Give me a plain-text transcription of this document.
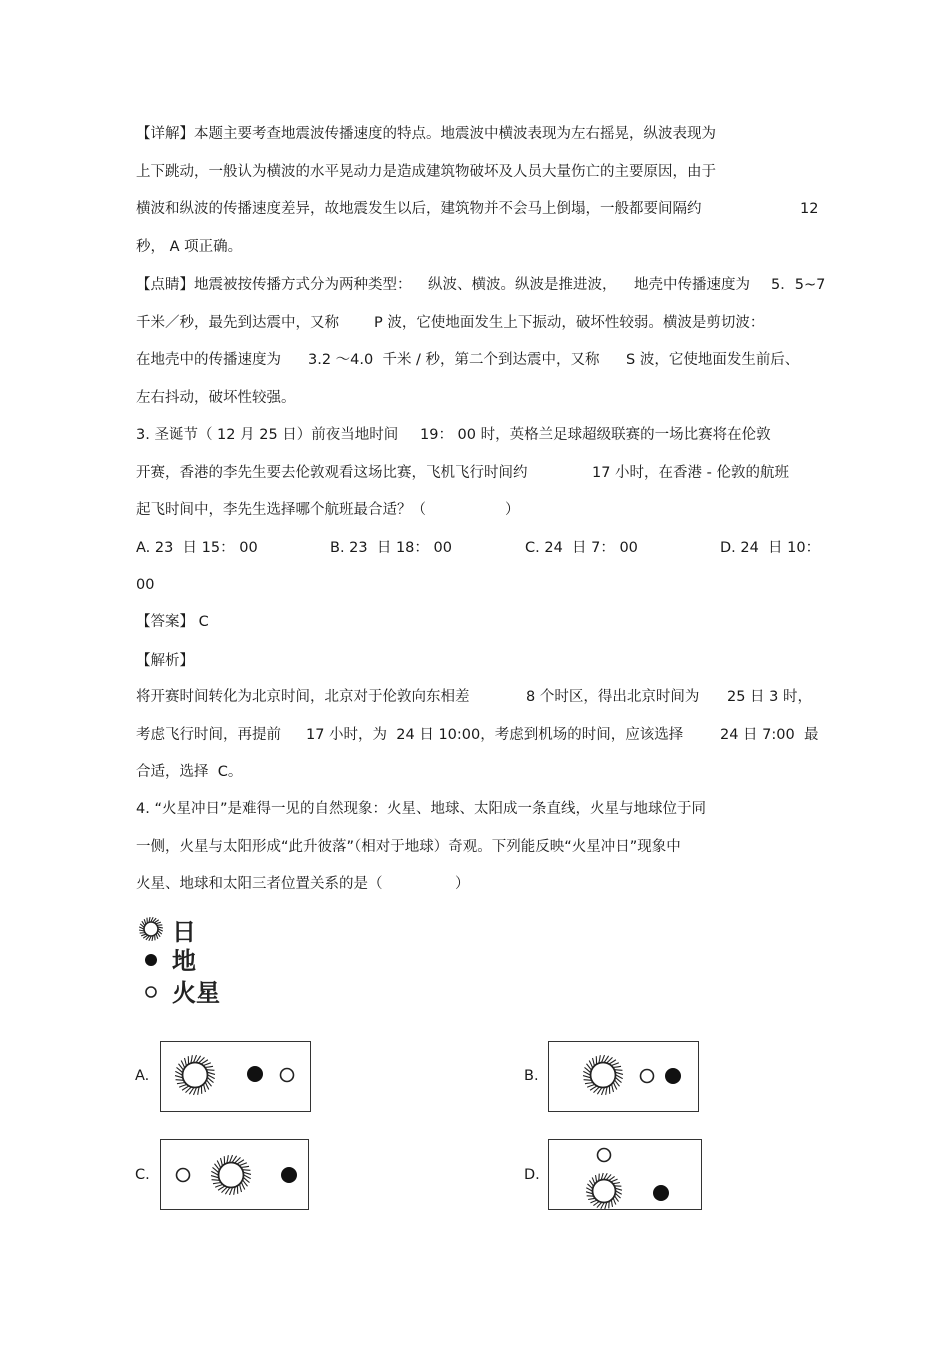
【详解】本题主要考查地震波传播速度的特点。地震波中横波表现为左右摇晃，纵波表现为
上下跳动，一般认为横波的水平晃动力是造成建筑物破坏及人员大量伤亡的主要原因，由于
横波和纵波的传播速度差异，故地震发生以后，建筑物并不会马上倒塌，一般都要间隔约	12
秒， A 项正确。
【点睛】地震被按传播方式分为两种类型： 纵波、横波。纵波是推进波， 地壳中传播速度为 5．5~7
千米／秒，最先到达震中，又称 P 波，它使地面发生上下振动，破坏性较弱。横波是剪切波：
在地壳中的传播速度为 3.2 ～4.0  千米 / 秒，第二个到达震中，又称 S 波，它使地面发生前后、
左右抖动，破坏性较强。
3. 圣诞节（ 12 月 25 日）前夜当地时间 19： 00 时，英格兰足球超级联赛的一场比赛将在伦敦
开赛，香港的李先生要去伦敦观看这场比赛，飞机飞行时间约	17 小时，在香港 - 伦敦的航班
起飞时间中，李先生选择哪个航班最合适？（	）
A. 23  日 15： 00	B. 23  日 18： 00	C. 24  日 7： 00	D. 24  日 10：
00
【答案】 C
【解析】
将开赛时间转化为北京时间，北京对于伦敦向东相差	8 个时区，得出北京时间为 25 日 3 时，
考虑飞行时间，再提前 17 小时，为  24 日 10:00，考虑到机场的时间，应该选择	24 日 7:00  最
合适，选择  C。
4. “火星冲日”是难得一见的自然现象：火星、地球、太阳成一条直线，火星与地球位于同
一侧，火星与太阳形成“此升彼落”（相对于地球）奇观。下列能反映“火星冲日”现象中
火星、地球和太阳三者位置关系的是（	）
日
地
火星
A.	B.
C.	D.
